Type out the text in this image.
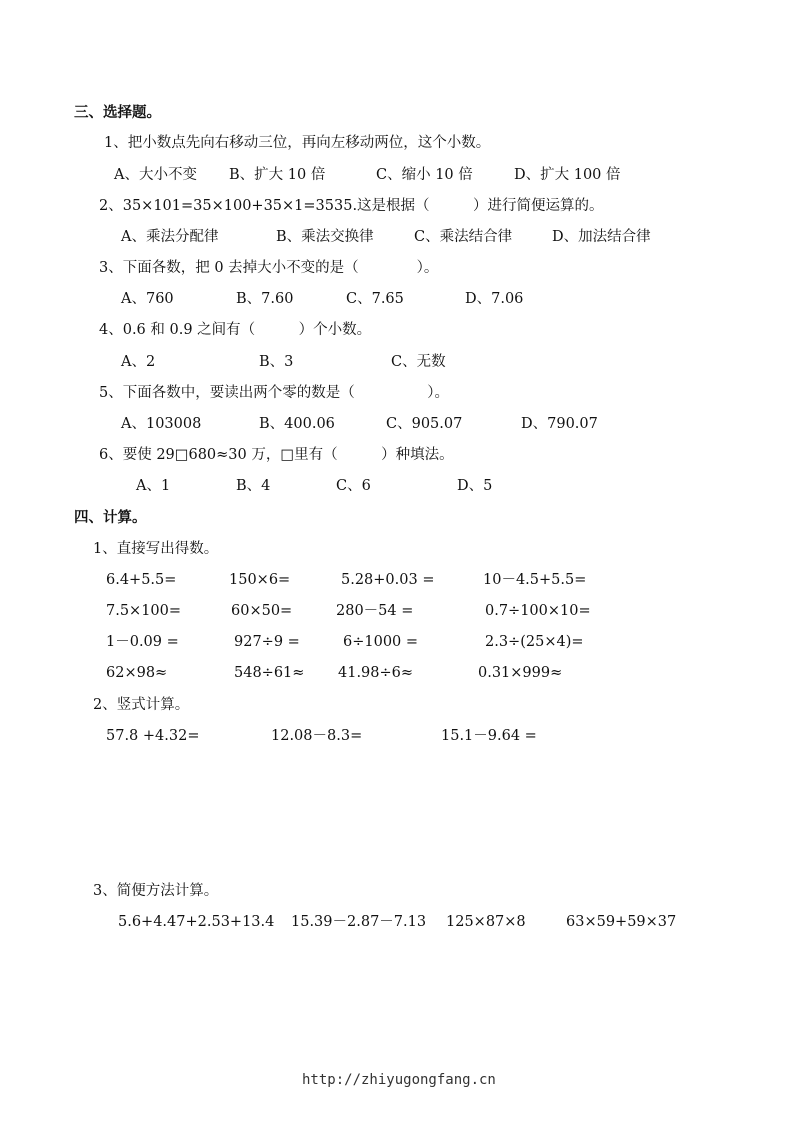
三、选择题。
1、把小数点先向右移动三位，再向左移动两位，这个小数。
A、大小不变 B、扩大 10 倍	C、缩小 10 倍	D、扩大 100 倍
2、35×101=35×100+35×1=3535.这是根据（　　　）进行简便运算的。
A、乘法分配律	B、乘法交换律	C、乘法结合律	D、加法结合律
3、下面各数，把 0 去掉大小不变的是（　　　　）。
A、760	B、7.60	C、7.65	D、7.06
4、0.6 和 0.9 之间有（　　　）个小数。
A、2	B、3	C、无数
5、下面各数中，要读出两个零的数是（　　　　　）。
A、103008	B、400.06	C、905.07	D、790.07
6、要使 29□680≈30 万，□里有（　　　）种填法。
A、1	B、4	C、6	D、5
四、计算。
1、直接写出得数。
6.4+5.5=	150×6=	5.28+0.03 =	10－4.5+5.5=
7.5×100=	60×50=	280－54 =	0.7÷100×10=
1－0.09 =	927÷9 =	6÷1000 =	2.3÷(25×4)=
62×98≈	548÷61≈ 41.98÷6≈	0.31×999≈
2、竖式计算。
57.8 +4.32=	12.08－8.3=	15.1－9.64 =
3、简便方法计算。
5.6+4.47+2.53+13.4 15.39－2.87－7.13 125×87×8	63×59+59×37
http://zhiyugongfang.cn
